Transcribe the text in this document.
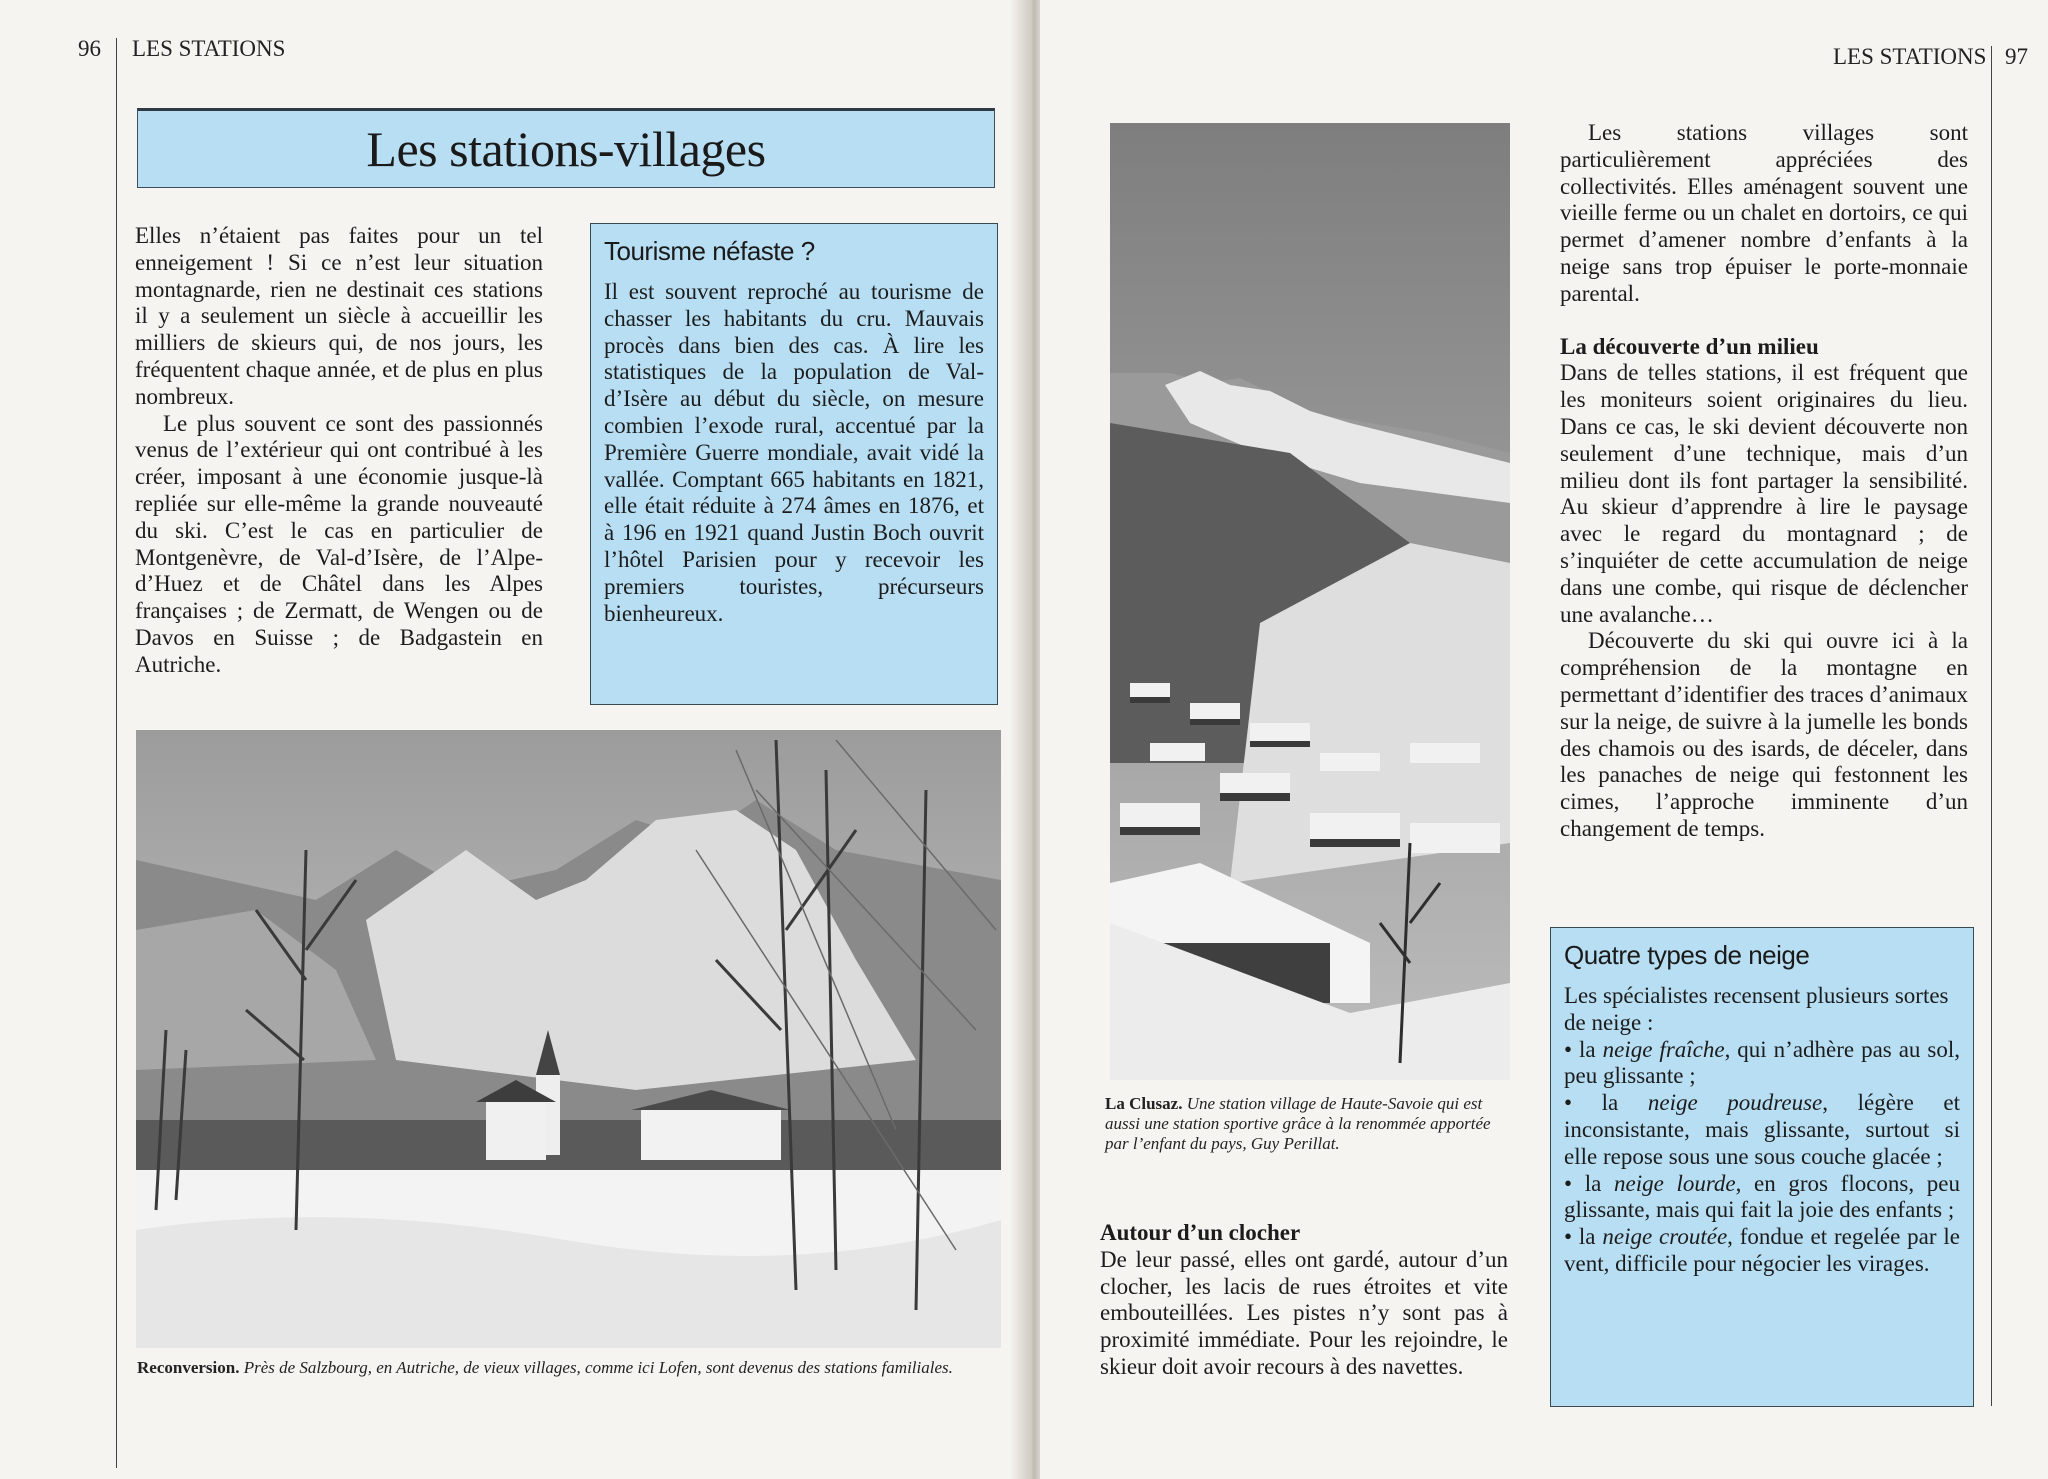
96 LES STATIONS
Les stations-villages

Elles n’étaient pas faites pour un tel enneigement ! Si ce n’est leur situation montagnarde, rien ne destinait ces stations il y a seulement un siècle à accueillir les milliers de skieurs qui, de nos jours, les fréquentent chaque année, et de plus en plus nombreux.

Le plus souvent ce sont des passionnés venus de l’extérieur qui ont contribué à les créer, imposant à une économie jusque-là repliée sur elle-même la grande nouveauté du ski. C’est le cas en particulier de Montgenèvre, de Val-d’Isère, de l’Alpe-d’Huez et de Châtel dans les Alpes françaises ; de Zermatt, de Wengen ou de Davos en Suisse ; de Badgastein en Autriche.

Tourisme néfaste ?

Il est souvent reproché au tourisme de chasser les habitants du cru. Mauvais procès dans bien des cas. À lire les statistiques de la population de Val-d’Isère au début du siècle, on mesure combien l’exode rural, accentué par la Première Guerre mondiale, avait vidé la vallée. Comptant 665 habitants en 1821, elle était réduite à 274 âmes en 1876, et à 196 en 1921 quand Justin Boch ouvrit l’hôtel Parisien pour y recevoir les premiers touristes, précurseurs bienheureux.

Reconversion. Près de Salzbourg, en Autriche, de vieux villages, comme ici Lofen, sont devenus des stations familiales.
LES STATIONS 97
La Clusaz. Une station village de Haute-Savoie qui est aussi une station sportive grâce à la renommée apportée par l’enfant du pays, Guy Perillat.

Autour d’un clocher

De leur passé, elles ont gardé, autour d’un clocher, les lacis de rues étroites et vite embouteillées. Les pistes n’y sont pas à proximité immédiate. Pour les rejoindre, le skieur doit avoir recours à des navettes.

Les stations villages sont particulièrement appréciées des collectivités. Elles aménagent souvent une vieille ferme ou un chalet en dortoirs, ce qui permet d’amener nombre d’enfants à la neige sans trop épuiser le porte-monnaie parental.

La découverte d’un milieu

Dans de telles stations, il est fréquent que les moniteurs soient originaires du lieu. Dans ce cas, le ski devient découverte non seulement d’une technique, mais d’un milieu dont ils font partager la sensibilité. Au skieur d’apprendre à lire le paysage avec le regard du montagnard ; de s’inquiéter de cette accumulation de neige dans une combe, qui risque de déclencher une avalanche…

Découverte du ski qui ouvre ici à la compréhension de la montagne en permettant d’identifier des traces d’animaux sur la neige, de suivre à la jumelle les bonds des chamois ou des isards, de déceler, dans les panaches de neige qui festonnent les cimes, l’approche imminente d’un changement de temps.

Quatre types de neige

Les spécialistes recensent plusieurs sortes de neige :

• la neige fraîche, qui n’adhère pas au sol, peu glissante ;

• la neige poudreuse, légère et inconsistante, mais glissante, surtout si elle repose sous une sous couche glacée ;

• la neige lourde, en gros flocons, peu glissante, mais qui fait la joie des enfants ;

• la neige croutée, fondue et regelée par le vent, difficile pour négocier les virages.
